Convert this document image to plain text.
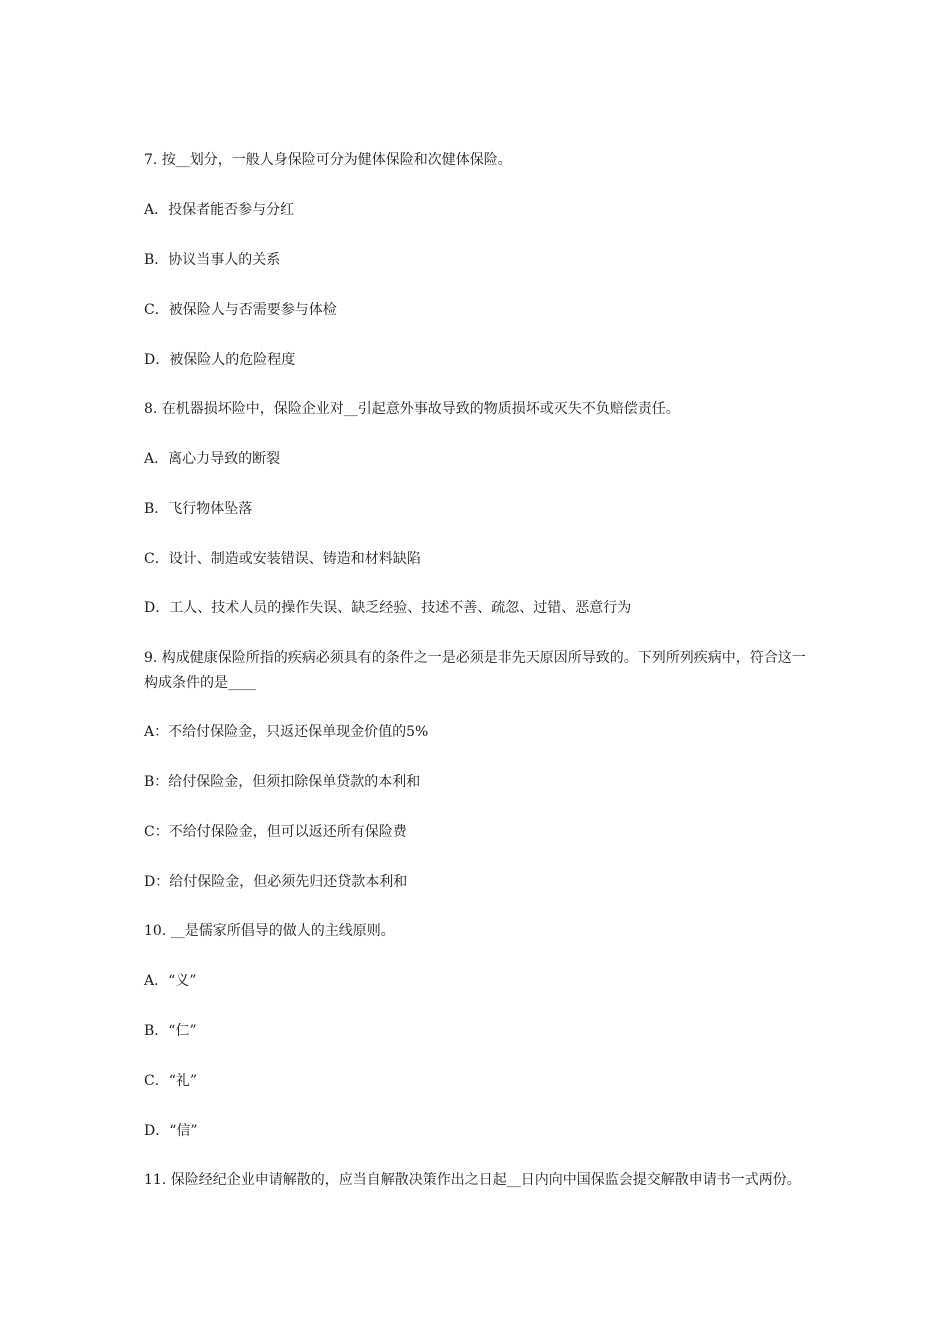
7. 按__划分，一般人身保险可分为健体保险和次健体保险。
A．投保者能否参与分红
B．协议当事人的关系
C．被保险人与否需要参与体检
D．被保险人的危险程度
8. 在机器损坏险中，保险企业对__引起意外事故导致的物质损坏或灭失不负赔偿责任。
A．离心力导致的断裂
B．飞行物体坠落
C．设计、制造或安装错误、铸造和材料缺陷
D．工人、技术人员的操作失误、缺乏经验、技述不善、疏忽、过错、恶意行为
9. 构成健康保险所指的疾病必须具有的条件之一是必须是非先天原因所导致的。下列所列疾病中，符合这一构成条件的是____
A：不给付保险金，只返还保单现金价值的5%
B：给付保险金，但须扣除保单贷款的本利和
C：不给付保险金，但可以返还所有保险费
D：给付保险金，但必须先归还贷款本利和
10. __是儒家所倡导的做人的主线原则。
A．“义”
B．“仁”
C．“礼”
D．“信”
11. 保险经纪企业申请解散的，应当自解散决策作出之日起__日内向中国保监会提交解散申请书一式两份。
